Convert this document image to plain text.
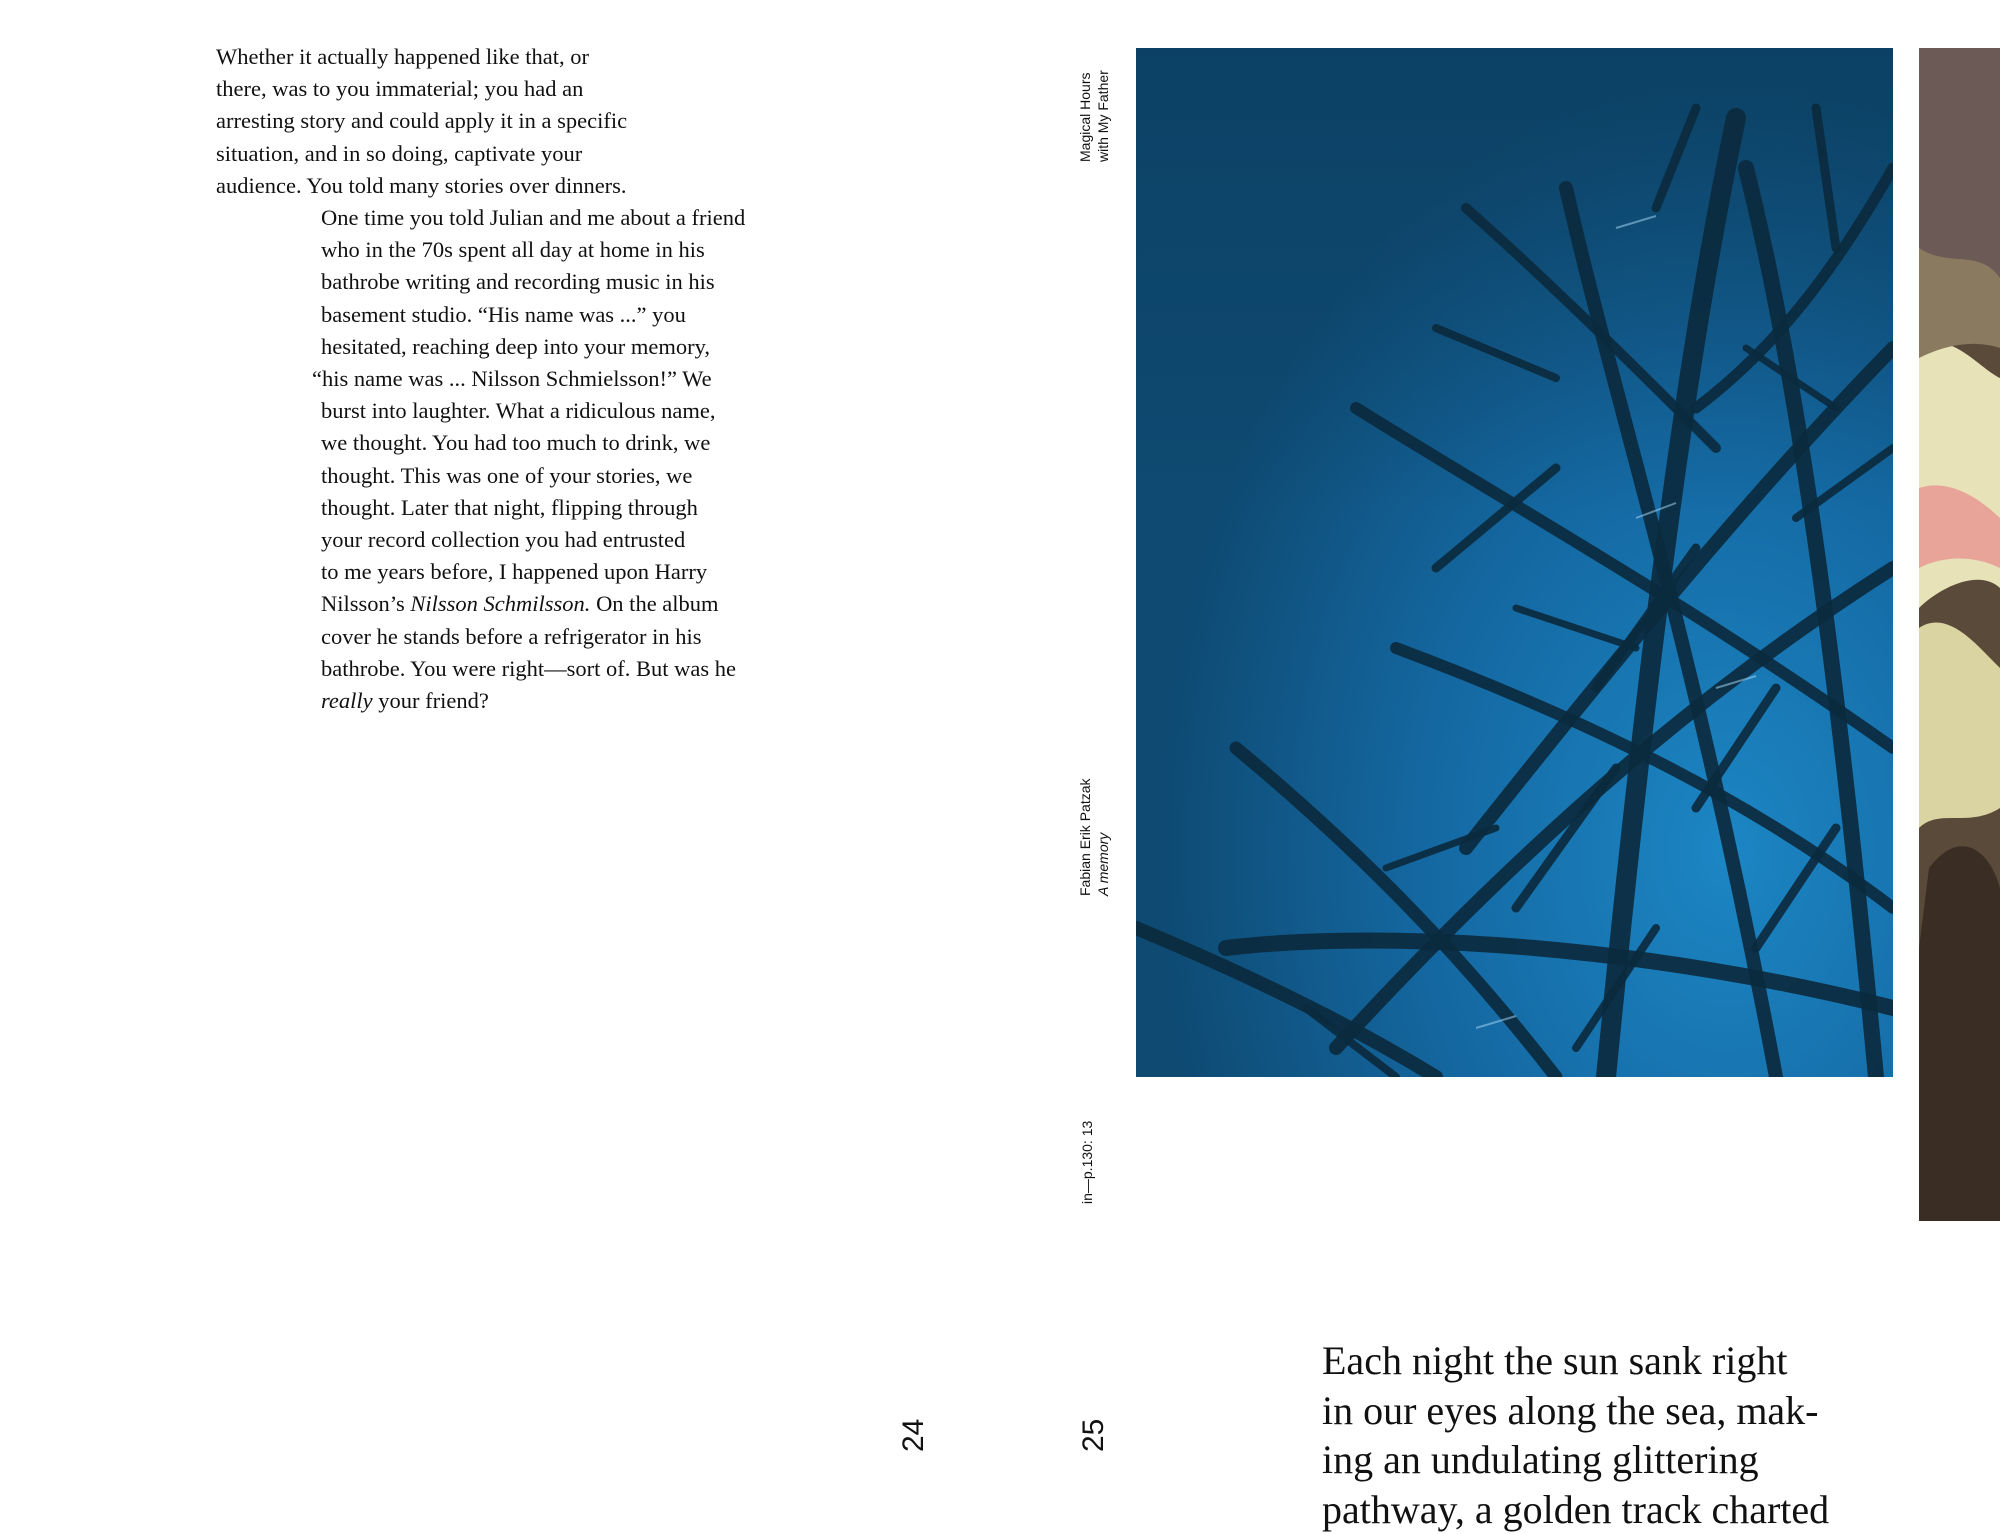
Whether it actually happened like that, or
there, was to you immaterial; you had an
arresting story and could apply it in a specific
situation, and in so doing, captivate your
audience. You told many stories over dinners.
One time you told Julian and me about a friend
who in the 70s spent all day at home in his
bathrobe writing and recording music in his
basement studio. “His name was ...” you
hesitated, reaching deep into your memory,
“his name was ... Nilsson Schmielsson!” We
burst into laughter. What a ridiculous name,
we thought. You had too much to drink, we
thought. This was one of your stories, we
thought. Later that night, flipping through
your record collection you had entrusted
to me years before, I happened upon Harry
Nilsson’s Nilsson Schmilsson. On the album
cover he stands before a refrigerator in his
bathrobe. You were right—sort of. But was he
really your friend?
24
Magical Hours with My Father
Fabian Erik Patzak A memory
in—p.130: 13
25
Each night the sun sank right
in our eyes along the sea, mak-
ing an undulating glittering
pathway, a golden track charted
